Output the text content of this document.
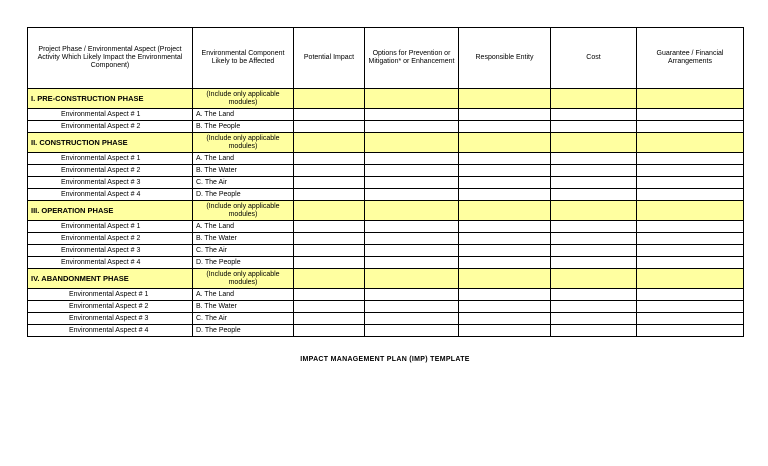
Project Phase / Environmental Aspect (Project Activity Which Likely Impact the Environmental Component)	Environmental Component Likely to be Affected	Potential Impact	Options for Prevention or Mitigation* or Enhancement	Responsible Entity	Cost	Guarantee / Financial Arrangements
I. PRE-CONSTRUCTION PHASE	(Include only applicable modules)					
Environmental Aspect # 1	A. The Land					
Environmental Aspect # 2	B. The People					
II. CONSTRUCTION PHASE	(Include only applicable modules)					
Environmental Aspect # 1	A. The Land					
Environmental Aspect # 2	B. The Water					
Environmental Aspect # 3	C. The Air					
Environmental Aspect # 4	D. The People					
III. OPERATION PHASE	(Include only applicable modules)					
Environmental Aspect # 1	A. The Land					
Environmental Aspect # 2	B. The Water					
Environmental Aspect # 3	C. The Air					
Environmental Aspect # 4	D. The People					
IV. ABANDONMENT PHASE	(Include only applicable modules)					
Environmental Aspect # 1	A. The Land					
Environmental Aspect # 2	B. The Water					
Environmental Aspect # 3	C. The Air					
Environmental Aspect # 4	D. The People					
IMPACT MANAGEMENT PLAN (IMP) TEMPLATE
